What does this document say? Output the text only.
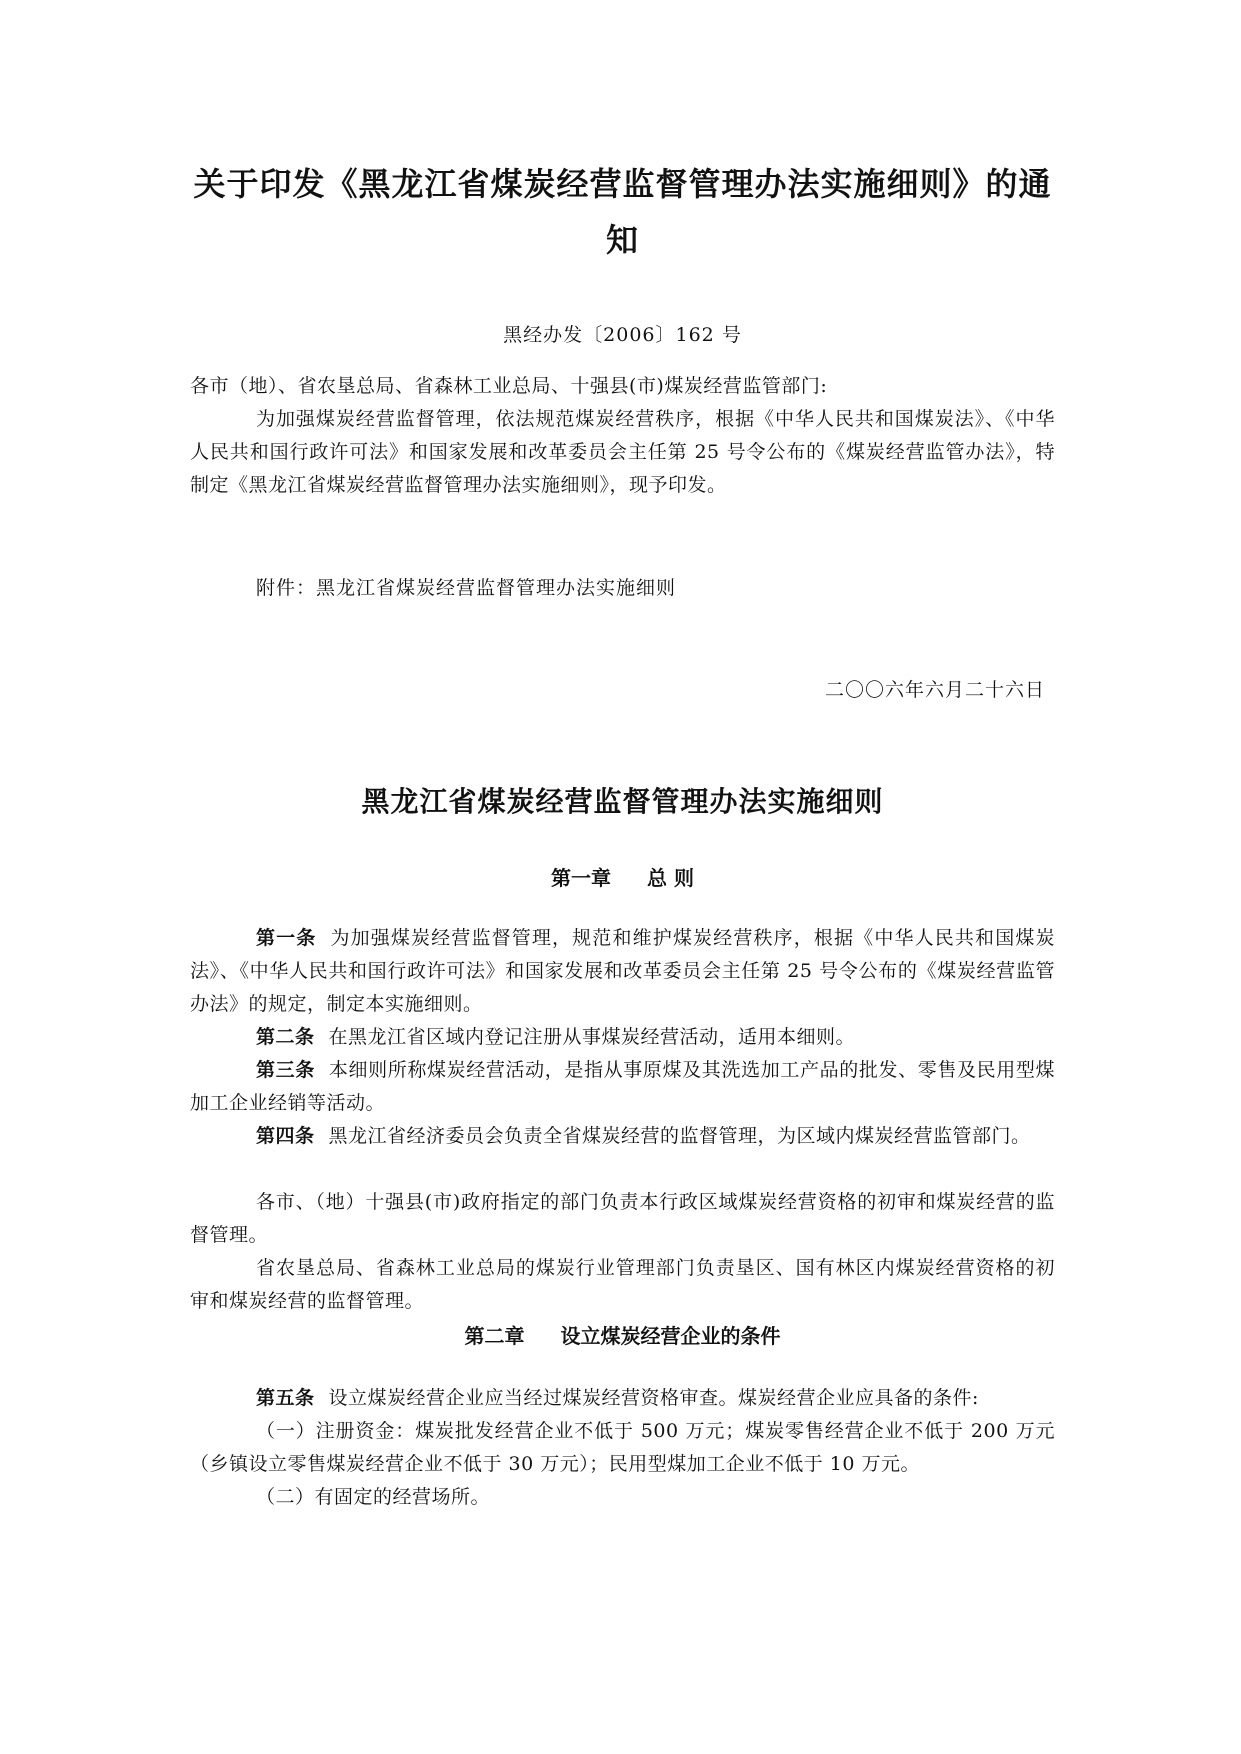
关于印发《黑龙江省煤炭经营监督管理办法实施细则》的通
知
黑经办发〔2006〕162 号

各市（地）、省农垦总局、省森林工业总局、十强县(市)煤炭经营监管部门:

为加强煤炭经营监督管理，依法规范煤炭经营秩序，根据《中华人民共和国煤炭法》、《中华人民共和国行政许可法》和国家发展和改革委员会主任第 25 号令公布的《煤炭经营监管办法》，特制定《黑龙江省煤炭经营监督管理办法实施细则》，现予印发。

附件：黑龙江省煤炭经营监督管理办法实施细则
二〇〇六年六月二十六日
黑龙江省煤炭经营监督管理办法实施细则
第一章 总 则

第一条 为加强煤炭经营监督管理，规范和维护煤炭经营秩序，根据《中华人民共和国煤炭法》、《中华人民共和国行政许可法》和国家发展和改革委员会主任第 25 号令公布的《煤炭经营监管办法》的规定，制定本实施细则。

第二条 在黑龙江省区域内登记注册从事煤炭经营活动，适用本细则。

第三条 本细则所称煤炭经营活动，是指从事原煤及其洗选加工产品的批发、零售及民用型煤加工企业经销等活动。

第四条 黑龙江省经济委员会负责全省煤炭经营的监督管理，为区域内煤炭经营监管部门。

各市、（地）十强县(市)政府指定的部门负责本行政区域煤炭经营资格的初审和煤炭经营的监督管理。

省农垦总局、省森林工业总局的煤炭行业管理部门负责垦区、国有林区内煤炭经营资格的初审和煤炭经营的监督管理。

第二章 设立煤炭经营企业的条件

第五条 设立煤炭经营企业应当经过煤炭经营资格审查。煤炭经营企业应具备的条件:

（一）注册资金：煤炭批发经营企业不低于 500 万元；煤炭零售经营企业不低于 200 万元（乡镇设立零售煤炭经营企业不低于 30 万元）；民用型煤加工企业不低于 10 万元。

（二）有固定的经营场所。
